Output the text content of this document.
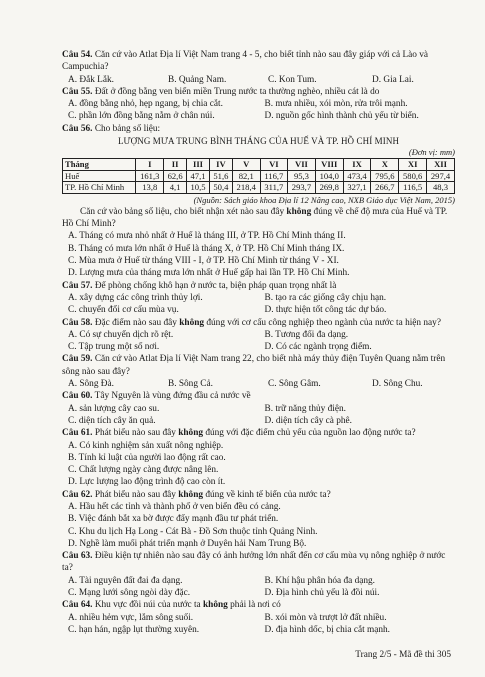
Câu 54. Căn cứ vào Atlat Địa lí Việt Nam trang 4 - 5, cho biết tỉnh nào sau đây giáp với cả Lào và Campuchia?

A. Đắk Lắk.	B. Quảng Nam.	C. Kon Tum.	D. Gia Lai.

Câu 55. Đất ở đồng bằng ven biển miền Trung nước ta thường nghèo, nhiều cát là do

A. đồng bằng nhỏ, hẹp ngang, bị chia cắt.	B. mưa nhiều, xói mòn, rửa trôi mạnh.
C. phần lớn đồng bằng nằm ở chân núi.	D. nguồn gốc hình thành chủ yếu từ biển.

Câu 56. Cho bảng số liệu:

LƯỢNG MƯA TRUNG BÌNH THÁNG CỦA HUẾ VÀ TP. HỒ CHÍ MINH
(Đơn vị: mm)
Tháng	I	II	III	IV	V	VI	VII	VIII	IX	X	XI	XII
Huế	161,3	62,6	47,1	51,6	82,1	116,7	95,3	104,0	473,4	795,6	580,6	297,4
TP. Hồ Chí Minh	13,8	4,1	10,5	50,4	218,4	311,7	293,7	269,8	327,1	266,7	116,5	48,3
(Nguồn: Sách giáo khoa Địa lí 12 Nâng cao, NXB Giáo dục Việt Nam, 2015)

Căn cứ vào bảng số liệu, cho biết nhận xét nào sau đây không đúng về chế độ mưa của Huế và TP. Hồ Chí Minh?

A. Tháng có mưa nhỏ nhất ở Huế là tháng III, ở TP. Hồ Chí Minh tháng II.
B. Tháng có mưa lớn nhất ở Huế là tháng X, ở TP. Hồ Chí Minh tháng IX.
C. Mùa mưa ở Huế từ tháng VIII - I, ở TP. Hồ Chí Minh từ tháng V - XI.
D. Lượng mưa của tháng mưa lớn nhất ở Huế gấp hai lần TP. Hồ Chí Minh.

Câu 57. Để phòng chống khô hạn ở nước ta, biện pháp quan trọng nhất là

A. xây dựng các công trình thủy lợi.	B. tạo ra các giống cây chịu hạn.
C. chuyển đổi cơ cấu mùa vụ.	D. thực hiện tốt công tác dự báo.

Câu 58. Đặc điểm nào sau đây không đúng với cơ cấu công nghiệp theo ngành của nước ta hiện nay?

A. Có sự chuyển dịch rõ rệt.	B. Tương đối đa dạng.
C. Tập trung một số nơi.	D. Có các ngành trọng điểm.

Câu 59. Căn cứ vào Atlat Địa lí Việt Nam trang 22, cho biết nhà máy thủy điện Tuyên Quang nằm trên sông nào sau đây?

A. Sông Đà.	B. Sông Cả.	C. Sông Gâm.	D. Sông Chu.

Câu 60. Tây Nguyên là vùng đứng đầu cả nước về

A. sản lượng cây cao su.	B. trữ năng thủy điện.
C. diện tích cây ăn quả.	D. diện tích cây cà phê.

Câu 61. Phát biểu nào sau đây không đúng với đặc điểm chủ yếu của nguồn lao động nước ta?

A. Có kinh nghiệm sản xuất nông nghiệp.
B. Tính kỉ luật của người lao động rất cao.
C. Chất lượng ngày càng được nâng lên.
D. Lực lượng lao động trình độ cao còn ít.

Câu 62. Phát biểu nào sau đây không đúng về kinh tế biển của nước ta?

A. Hầu hết các tỉnh và thành phố ở ven biển đều có cảng.
B. Việc đánh bắt xa bờ được đẩy mạnh đầu tư phát triển.
C. Khu du lịch Hạ Long - Cát Bà - Đồ Sơn thuộc tỉnh Quảng Ninh.
D. Nghề làm muối phát triển mạnh ở Duyên hải Nam Trung Bộ.

Câu 63. Điều kiện tự nhiên nào sau đây có ảnh hưởng lớn nhất đến cơ cấu mùa vụ nông nghiệp ở nước ta?

A. Tài nguyên đất đai đa dạng.	B. Khí hậu phân hóa đa dạng.
C. Mạng lưới sông ngòi dày đặc.	D. Địa hình chủ yếu là đồi núi.

Câu 64. Khu vực đồi núi của nước ta không phải là nơi có

A. nhiều hẻm vực, lắm sông suối.	B. xói mòn và trượt lở đất nhiều.
C. hạn hán, ngập lụt thường xuyên.	D. địa hình dốc, bị chia cắt mạnh.
Trang 2/5 - Mã đề thi 305
